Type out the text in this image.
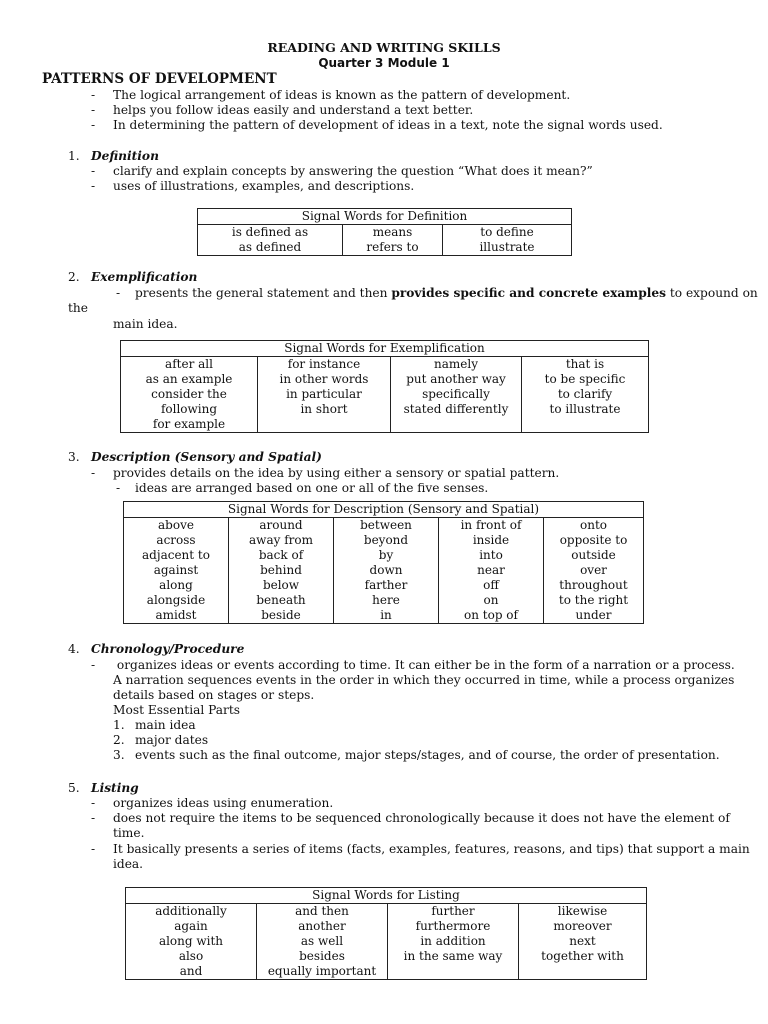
READING AND WRITING SKILLS
Quarter 3 Module 1
PATTERNS OF DEVELOPMENT
- The logical arrangement of ideas is known as the pattern of development.
- helps you follow ideas easily and understand a text better.
- In determining the pattern of development of ideas in a text, note the signal words used.
1. Definition
- clarify and explain concepts by answering the question “What does it mean?”
- uses of illustrations, examples, and descriptions.
Signal Words for Definition

is defined as
as defined

means
refers to

to define
illustrate
2. Exemplification
- presents the general statement and then provides specific and concrete examples to expound on
the
main idea.
Signal Words for Exemplification

after all
as an example
consider the
following
for example

for instance
in other words
in particular
in short

namely
put another way
specifically
stated differently

that is
to be specific
to clarify
to illustrate
3. Description (Sensory and Spatial)
- provides details on the idea by using either a sensory or spatial pattern.
- ideas are arranged based on one or all of the five senses.
Signal Words for Description (Sensory and Spatial)

above
across
adjacent to
against
along
alongside
amidst

around
away from
back of
behind
below
beneath
beside

between
beyond
by
down
farther
here
in

in front of
inside
into
near
off
on
on top of

onto
opposite to
outside
over
throughout
to the right
under
4. Chronology/Procedure
- organizes ideas or events according to time. It can either be in the form of a narration or a process.
A narration sequences events in the order in which they occurred in time, while a process organizes
details based on stages or steps.
Most Essential Parts
1. main idea
2. major dates
3. events such as the final outcome, major steps/stages, and of course, the order of presentation.
5. Listing
- organizes ideas using enumeration.
- does not require the items to be sequenced chronologically because it does not have the element of
time.
- It basically presents a series of items (facts, examples, features, reasons, and tips) that support a main
idea.
Signal Words for Listing

additionally
again
along with
also
and

and then
another
as well
besides
equally important

further
furthermore
in addition
in the same way

likewise
moreover
next
together with
